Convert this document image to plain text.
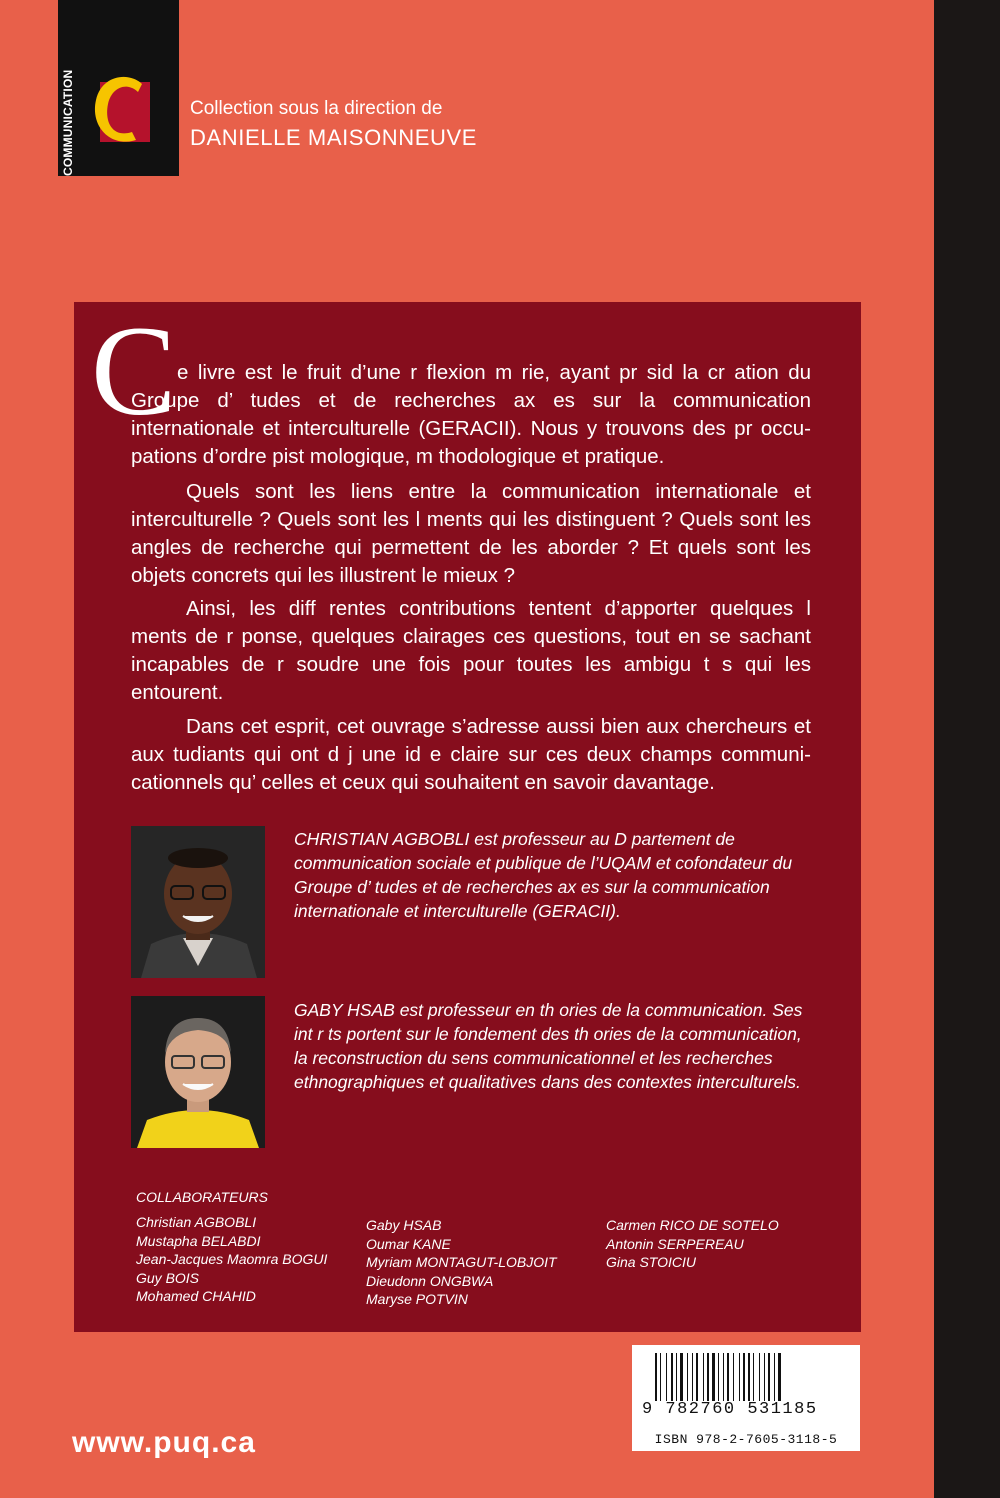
COMMUNICATION	Collection sous la direction de
DANIELLE MAISONNEUVE
C e livre est le fruit d’une r flexion m rie, ayant pr sid la cr ation du Groupe d’ tudes et de recherches ax es sur la communication internationale et interculturelle (GERACII). Nous y trouvons des pr occupations d’ordre pist mologique, m thodologique et pratique.

Quels sont les liens entre la communication internationale et interculturelle ? Quels sont les l ments qui les distinguent ? Quels sont les angles de recherche qui permettent de les aborder ? Et quels sont les objets concrets qui les illustrent le mieux ?

Ainsi, les diff rentes contributions tentent d’apporter quelques l ments de r ponse, quelques clairages ces questions, tout en se sachant incapables de r soudre une fois pour toutes les ambigu t s qui les entourent.

Dans cet esprit, cet ouvrage s’adresse aussi bien aux chercheurs et aux tudiants qui ont d j une id e claire sur ces deux champs communicationnels qu’ celles et ceux qui souhaitent en savoir davantage.

CHRISTIAN AGBOBLI est professeur au D partement de communication sociale et publique de l’UQAM et cofondateur du Groupe d’ tudes et de recherches ax es sur la communication internationale et interculturelle (GERACII).

GABY HSAB est professeur en th ories de la communication. Ses int r ts portent sur le fondement des th ories de la communication, la reconstruction du sens communicationnel et les recherches ethnographiques et qualitatives dans des contextes interculturels.

COLLABORATEURS
Christian AGBOBLI
Mustapha BELABDI
Jean-Jacques Maomra BOGUI
Guy BOIS
Mohamed CHAHID
Gaby HSAB
Oumar KANE
Myriam MONTAGUT-LOBJOIT
Dieudonn ONGBWA
Maryse POTVIN
Carmen RICO DE SOTELO
Antonin SERPEREAU
Gina STOICIU
www.puq.ca
9 782760 531185
ISBN 978-2-7605-3118-5
